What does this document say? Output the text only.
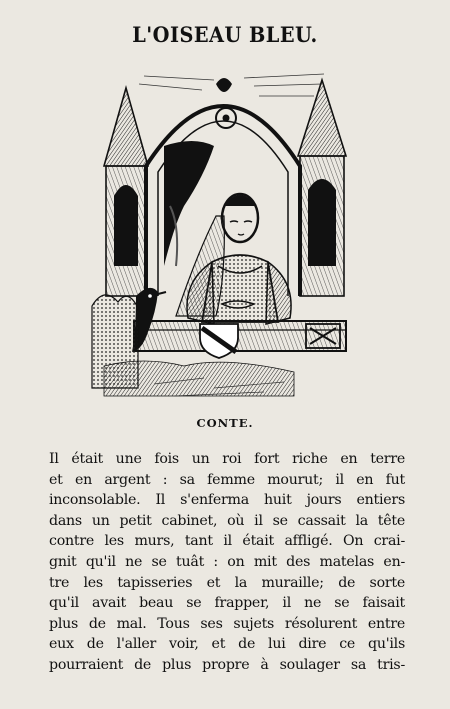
L'OISEAU BLEU.
CONTE.
Il était une fois un roi fort riche en terre
et en argent : sa femme mourut; il en fut
inconsolable. Il s'enferma huit jours entiers
dans un petit cabinet, où il se cassait la tête
contre les murs, tant il était affligé. On crai-
gnit qu'il ne se tuât : on mit des matelas en-
tre les tapisseries et la muraille; de sorte
qu'il avait beau se frapper, il ne se faisait
plus de mal. Tous ses sujets résolurent entre
eux de l'aller voir, et de lui dire ce qu'ils
pourraient de plus propre à soulager sa tris-
